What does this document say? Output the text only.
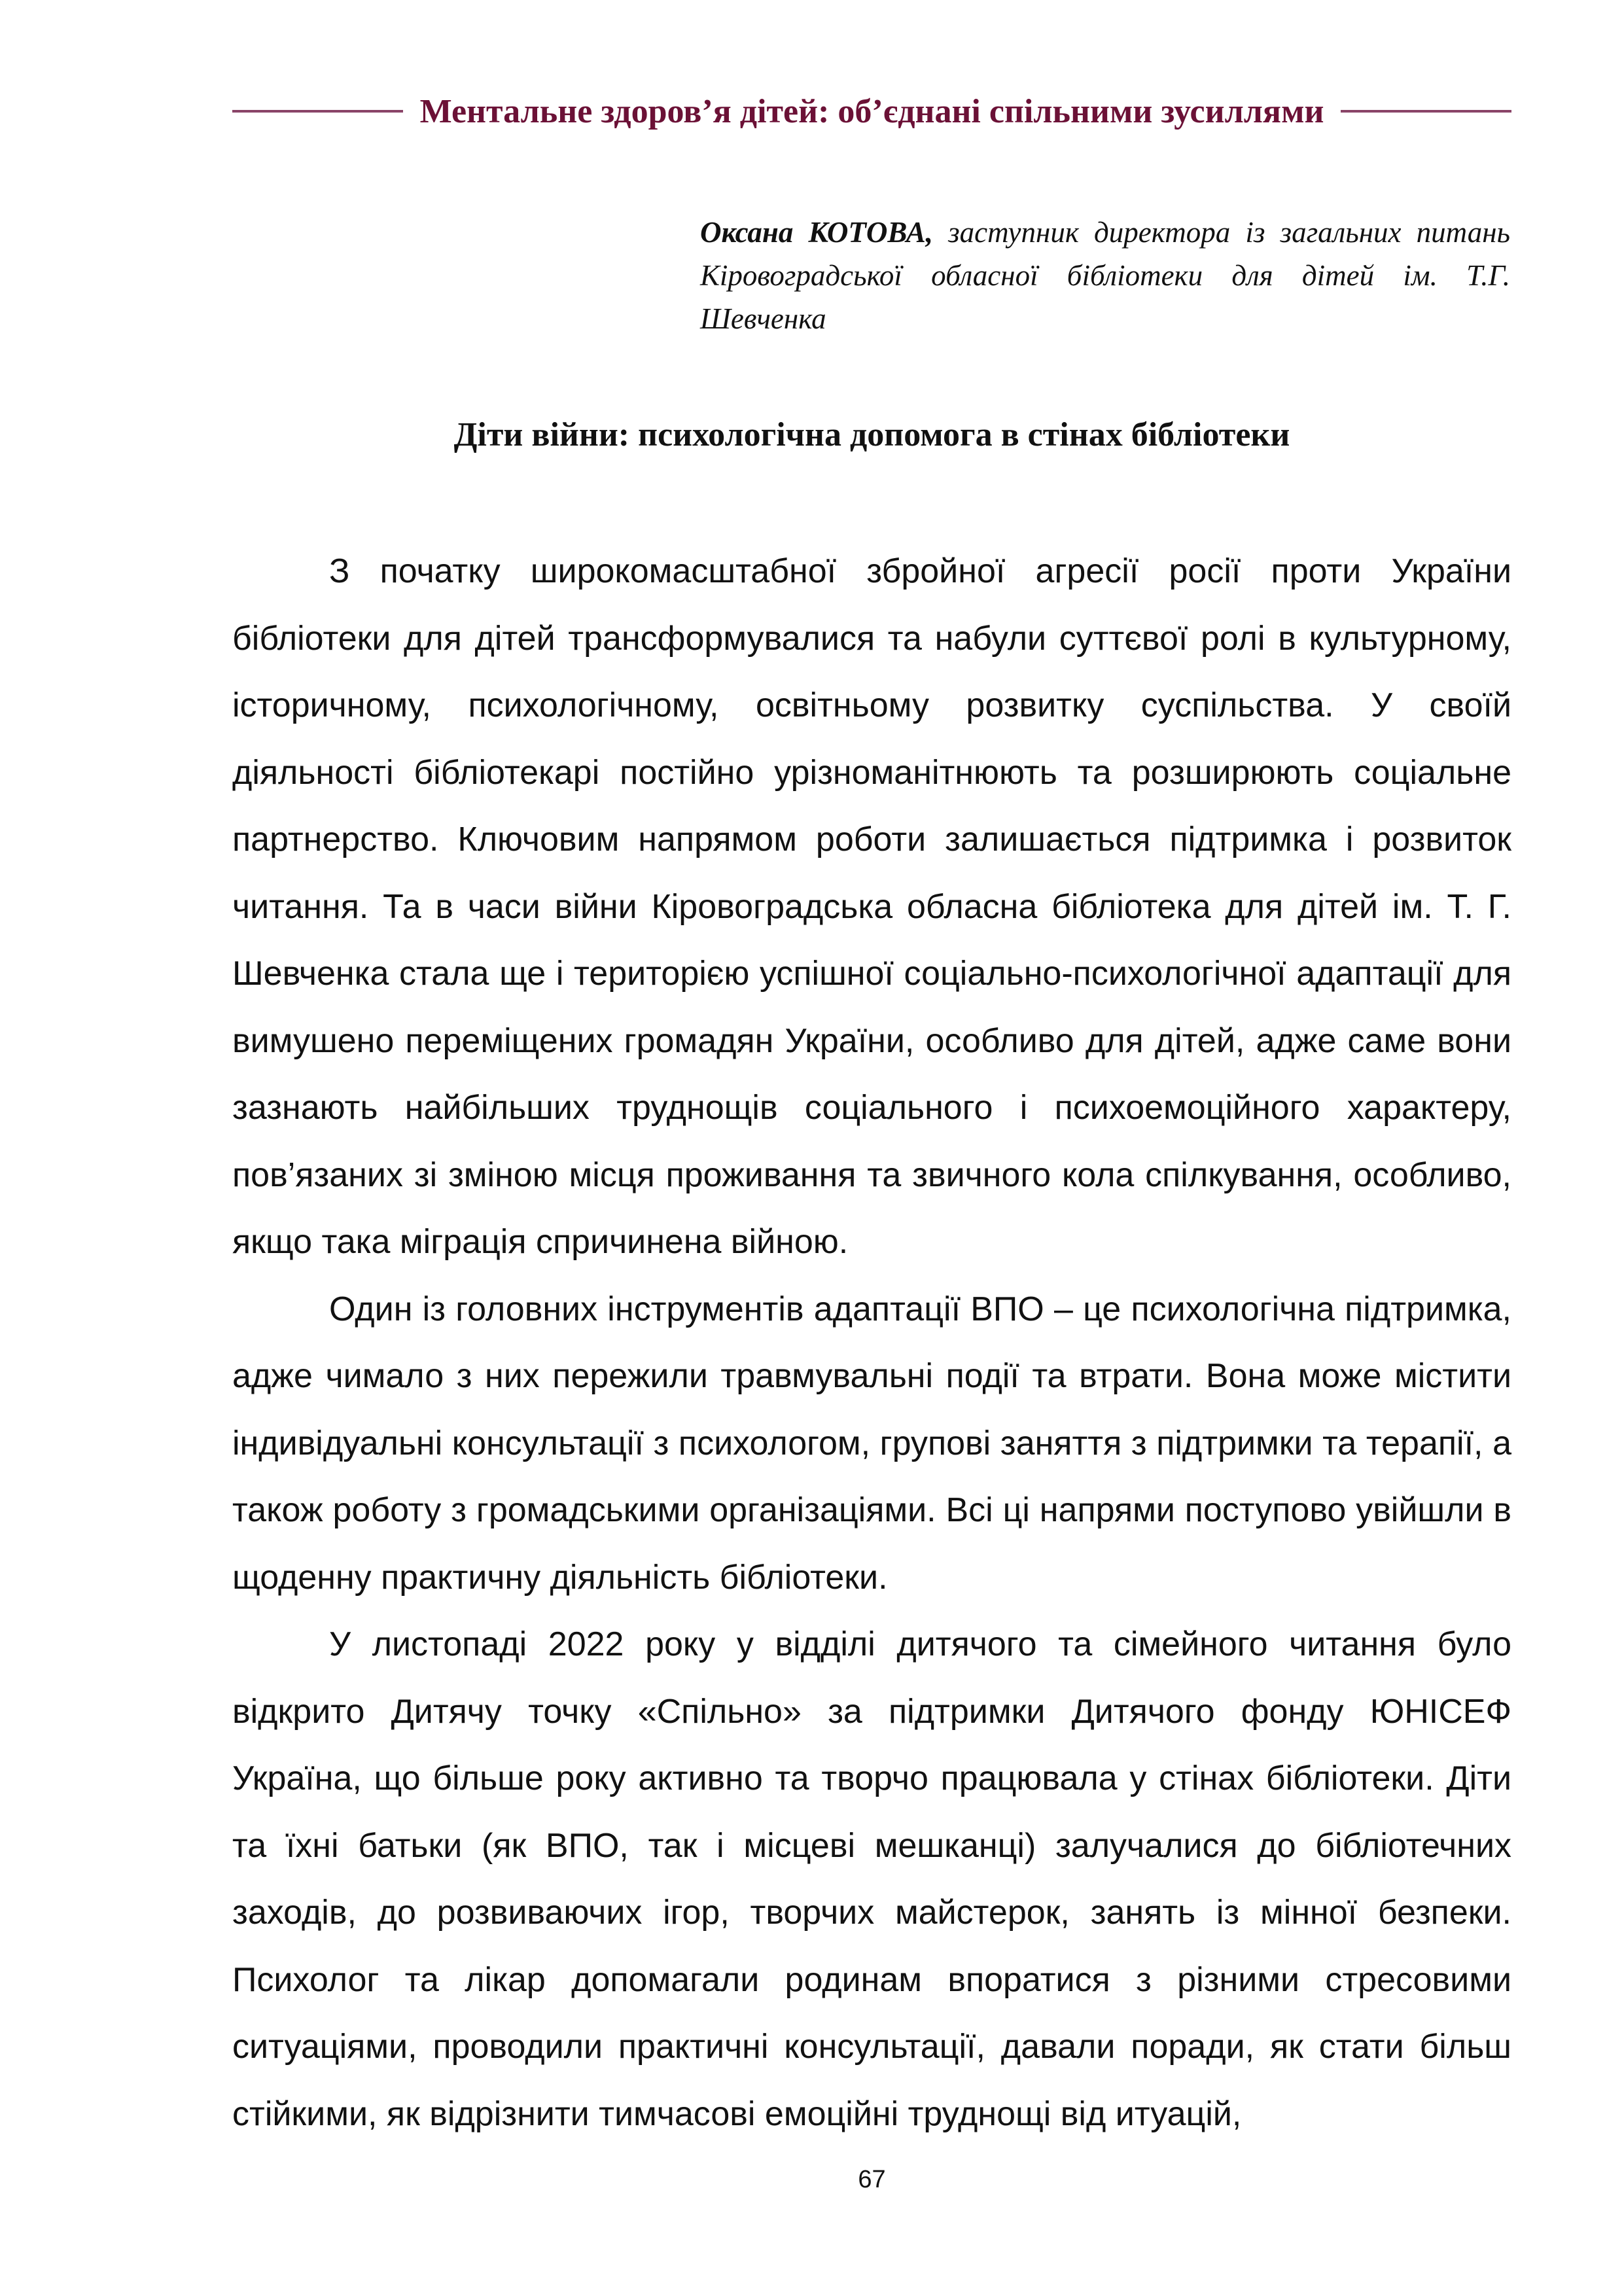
Ментальне здоров’я дітей: об’єднані спільними зусиллями
Оксана КОТОВА, заступник директора із загальних питань Кіровоградської обласної бібліотеки для дітей ім. Т.Г. Шевченка
Діти війни: психологічна допомога в стінах бібліотеки

З початку широкомасштабної збройної агресії росії проти України бібліотеки для дітей трансформувалися та набули суттєвої ролі в культурному, історичному, психологічному, освітньому розвитку суспільства. У своїй діяльності бібліотекарі постійно урізноманітнюють та розширюють соціальне партнерство. Ключовим напрямом роботи залишається підтримка і розвиток читання. Та в часи війни Кіровоградська обласна бібліотека для дітей ім. Т. Г. Шевченка стала ще і територією успішної соціально-психологічної адаптації для вимушено переміщених громадян України, особливо для дітей, адже саме вони зазнають найбільших труднощів соціального і психоемоційного характеру, пов’язаних зі зміною місця проживання та звичного кола спілкування, особливо, якщо така міграція спричинена війною.

Один із головних інструментів адаптації ВПО – це психологічна підтримка, адже чимало з них пережили травмувальні події та втрати. Вона може містити індивідуальні консультації з психологом, групові заняття з підтримки та терапії, а також роботу з громадськими організаціями. Всі ці напрями поступово увійшли в щоденну практичну діяльність бібліотеки.

У листопаді 2022 року у відділі дитячого та сімейного читання було відкрито Дитячу точку «Спільно» за підтримки Дитячого фонду ЮНІСЕФ Україна, що більше року активно та творчо працювала у стінах бібліотеки. Діти та їхні батьки (як ВПО, так і місцеві мешканці) залучалися до бібліотечних заходів, до розвиваючих ігор, творчих майстерок, занять із мінної безпеки. Психолог та лікар допомагали родинам впоратися з різними стресовими ситуаціями, проводили практичні консультації, давали поради, як стати більш стійкими, як відрізнити тимчасові емоційні труднощі від итуацій,

67
